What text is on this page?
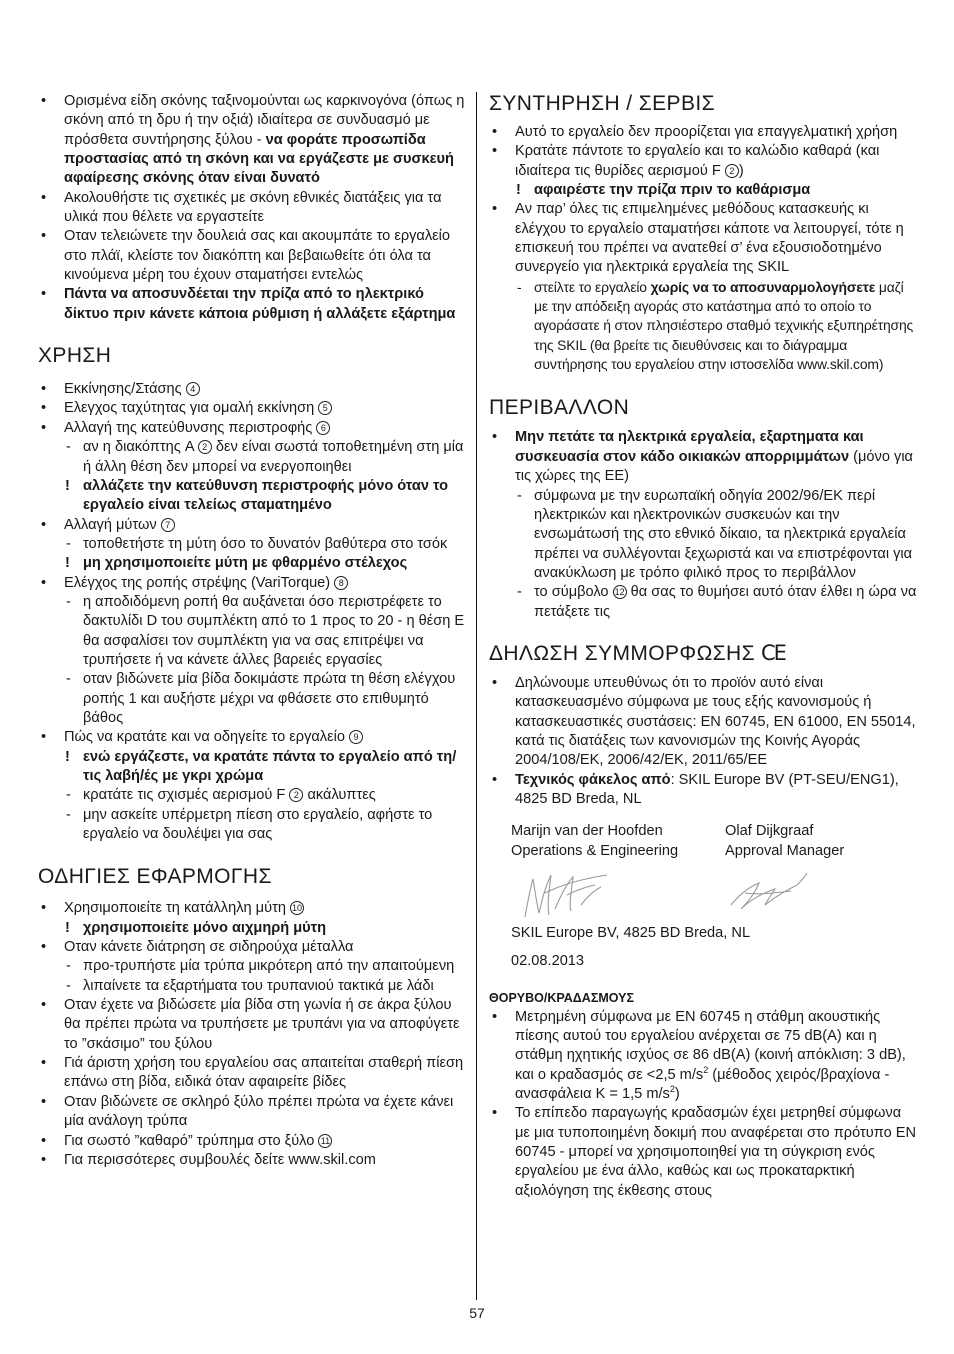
• Ορισμένα είδη σκόνης ταξινομούνται ως καρκινογόνα (όπως η σκόνη από τη δρυ ή την οξιά) ιδιαίτερα σε συνδυασμό με πρόσθετα συντήρησης ξύλου - να φοράτε προσωπίδα προστασίας από τη σκόνη και να εργάζεστε με συσκευή αφαίρεσης σκόνης όταν είναι δυνατό
• Ακολουθήστε τις σχετικές με σκόνη εθνικές διατάξεις για τα υλικά που θέλετε να εργαστείτε
• Oταν τελειώνετε την δουλειά σας και ακουμπάτε το εργαλείο στο πλάϊ, κλείστε τον διακόπτη και βεβαιωθείτε ότι όλα τα κινούμενα μέρη του έχουν σταματήσει εντελώς
• Πάντα να αποσυνδέεται την πρίζα από το ηλεκτρικό δίκτυο πριν κάνετε κάποια ρύθμιση ή αλλάξετε εξάρτημα
ΧΡΗΣΗ
• Εκκίνησης/Στάσης 4
• Ελεγχος ταχύτητας για ομαλή εκκίνηση 5
• Αλλαγή της κατεύθυνσης περιστροφής 6
- αν η διακόπτης A 2 δεν είναι σωστά τοποθετημένη στη μία ή άλλη θέση δεν μπορεί να ενεργοποιηθει
! αλλάζετε την κατεύθυνση περιστροφής μόνο όταν το εργαλείο είναι τελείως σταματημένο
• Αλλαγή μύτων 7
- τοποθετήστε τη μύτη όσο το δυνατόν βαθύτερα στο τσόκ
! μη χρησιμοποιείτε μύτη με φθαρμένο στέλεχος
• Ελέγχος της ροπής στρέψης (VariTorque) 8
- η αποδιδόμενη ροπή θα αυξάνεται όσο περιστρέφετε το δακτυλίδι D του συμπλέκτη από το 1 προς το 20 - η θέση E θα ασφαλίσει τον συμπλέκτη για να σας επιτρέψει να τρυπήσετε ή να κάνετε άλλες βαρειές εργασίες
- οταν βιδώνετε μία βίδα δοκιμάστε πρώτα τη θέση ελέγχου ροπής 1 και αυξήστε μέχρι να φθάσετε στο επιθυμητό βάθος
• Πώς να κρατάτε και να οδηγείτε το εργαλείο 9
! ενώ εργάζεστε, να κρατάτε πάντα το εργαλείο από τη/τις λαβή/ές με γκρι χρώμα
- κρατάτε τις σχισμές αερισμού F 2 ακάλυπτες
- μην ασκείτε υπέρμετρη πίεση στο εργαλείο, αφήστε το εργαλείο να δουλέψει για σας
ΟΔΗΓΙΕΣ ΕΦΑΡΜΟΓΗΣ
• Χρησιμοποιείτε τη κατάλληλη μύτη 10
! χρησιμοποιείτε μόνο αιχμηρή μύτη
• Oταν κάνετε διάτρηση σε σιδηρούχα μέταλλα
- προ-τρυπήστε μία τρύπα μικρότερη από την απαιτούμενη
- λιπαίνετε τα εξαρτήματα του τρυπανιού τακτικά με λάδι
• Oταν έχετε να βιδώσετε μία βίδα στη γωνία ή σε άκρα ξύλου θα πρέπει πρώτα να τρυπήσετε με τρυπάνι για να αποφύγετε το ”σκάσιμο” του ξύλου
• Γιά άριστη χρήση του εργαλείου σας απαιτείται σταθερή πίεση επάνω στη βίδα, ειδικά όταν αφαιρείτε βίδες
• Oταν βιδώνετε σε σκληρό ξύλο πρέπει πρώτα να έχετε κάνει μία ανάλογη τρύπα
• Για σωστό ”καθαρό” τρύπημα στο ξύλο 11
• Για περισσότερες συμβουλές δείτε www.skil.com
ΣΥΝΤΗΡΗΣΗ / ΣΕΡΒΙΣ
• Αυτό το εργαλείο δεν προορίζεται για επαγγελματική χρήση
• Kρατάτε πάντοτε το εργαλείο και το καλώδιο καθαρά (και ιδιαίτερα τις θυρίδες αερισμού F 2 )
! αφαιρέστε την πρίζα πριν το καθάρισμα
• Aν παρ’ όλες τις επιμελημένες μεθόδους κατασκευής κι ελέγχου το εργαλείο σταματήσει κάποτε να λειτουργεί, τότε η επισκευή του πρέπει να ανατεθεί σ’ ένα εξουσιοδοτημένο συνεργείο για ηλεκτρικά εργαλεία της SKIL
- στείλτε το εργαλείο χωρίς να το αποσυναρμολογήσετε μαζί με την απόδειξη αγοράς στο κατάστημα από το οποίο το αγοράσατε ή στον πλησιέστερο σταθμό τεχνικής εξυπηρέτησης της SKIL (θα βρείτε τις διευθύνσεις και το διάγραμμα συντήρησης του εργαλείου στην ιστοσελίδα www.skil.com)
ΠΕΡΙΒΑΛΛΟΝ
• Μην πετάτε τα ηλεκτρικά εργαλεία, εξαρτηματα και συσκευασία στον κάδο οικιακών απορριμμάτων (μόνο για τις χώρες της ΕΕ)
- σύμφωνα με την ευρωπαϊκή οδηγία 2002/96/ΕΚ περί ηλεκτρικών και ηλεκτρονικών συσκευών και την ενσωμάτωσή της στο εθνικό δίκαιο, τα ηλεκτρικά εργαλεία πρέπει να συλλέγονται ξεχωριστά και να επιστρέφονται για ανακύκλωση με τρόπο φιλικό προς το περιβάλλον
- το σύμβολο 12 θα σας το θυμήσει αυτό όταν έλθει η ώρα να πετάξετε τις
ΔΗΛΩΣΗ ΣΥΜΜΟΡΦΩΣΗΣ CE
• Δηλώνουμε υπευθύνως ότι το προϊόν αυτό είναι κατασκευασμένο σύμφωνα με τους εξής κανονισμούς ή κατασκευαστικές συστάσεις: EN 60745, EN 61000, EN 55014, κατά τις διατάξεις των κανονισμών της Κοινής Αγοράς 2004/108/ΕΚ, 2006/42/ΕΚ, 2011/65/ΕΕ
• Τεχνικός φάκελος από: SKIL Europe BV (PT-SEU/ENG1), 4825 BD Breda, NL
Marijn van der Hoofden
Operations & Engineering
Olaf Dijkgraaf
Approval Manager
SKIL Europe BV, 4825 BD Breda, NL
02.08.2013
ΘΟΡΥΒΟ/ΚΡΑΔΑΣΜΟΥΣ
• Μετρημένη σύμφωνα με EN 60745 η στάθμη ακουστικής πίεσης αυτού του εργαλείου ανέρχεται σε 75 dB(A) και η στάθμη ηχητικής ισχύος σε 86 dB(A) (κοινή απόκλιση: 3 dB), και ο κραδασμός σε <2,5 $m/s^2$ (μέθοδος χειρός/βραχίονα - ανασφάλεια K = 1,5 $m/s^2$)
• Το επίπεδο παραγωγής κραδασμών έχει μετρηθεί σύμφωνα με μια τυποποιημένη δοκιμή που αναφέρεται στο πρότυπο EN 60745 - μπορεί να χρησιμοποιηθεί για τη σύγκριση ενός εργαλείου με ένα άλλο, καθώς και ως προκαταρκτική αξιολόγηση της έκθεσης στους
57
